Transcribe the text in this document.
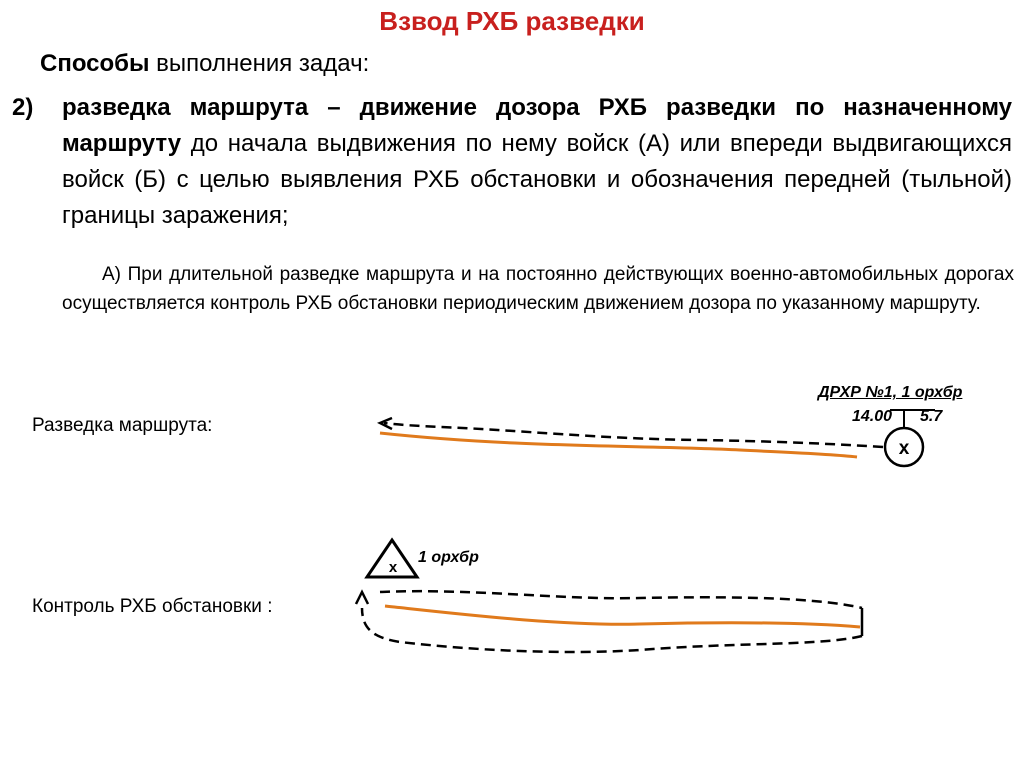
Взвод РХБ разведки
Способы выполнения задач:
2) разведка маршрута – движение дозора РХБ разведки по назначенному маршруту до начала выдвижения по нему войск (А) или впереди выдвигающихся войск (Б) с целью выявления РХБ обстановки и обозначения передней (тыльной) границы заражения;
А) При длительной разведке маршрута и на постоянно действующих военно-автомобильных дорогах осуществляется контроль РХБ обстановки периодическим движением дозора по указанному маршруту.
Разведка маршрута:
Контроль РХБ обстановки :
ДРХР №1, 1 орхбр
14.00 5.7
1 орхбр
x
x
